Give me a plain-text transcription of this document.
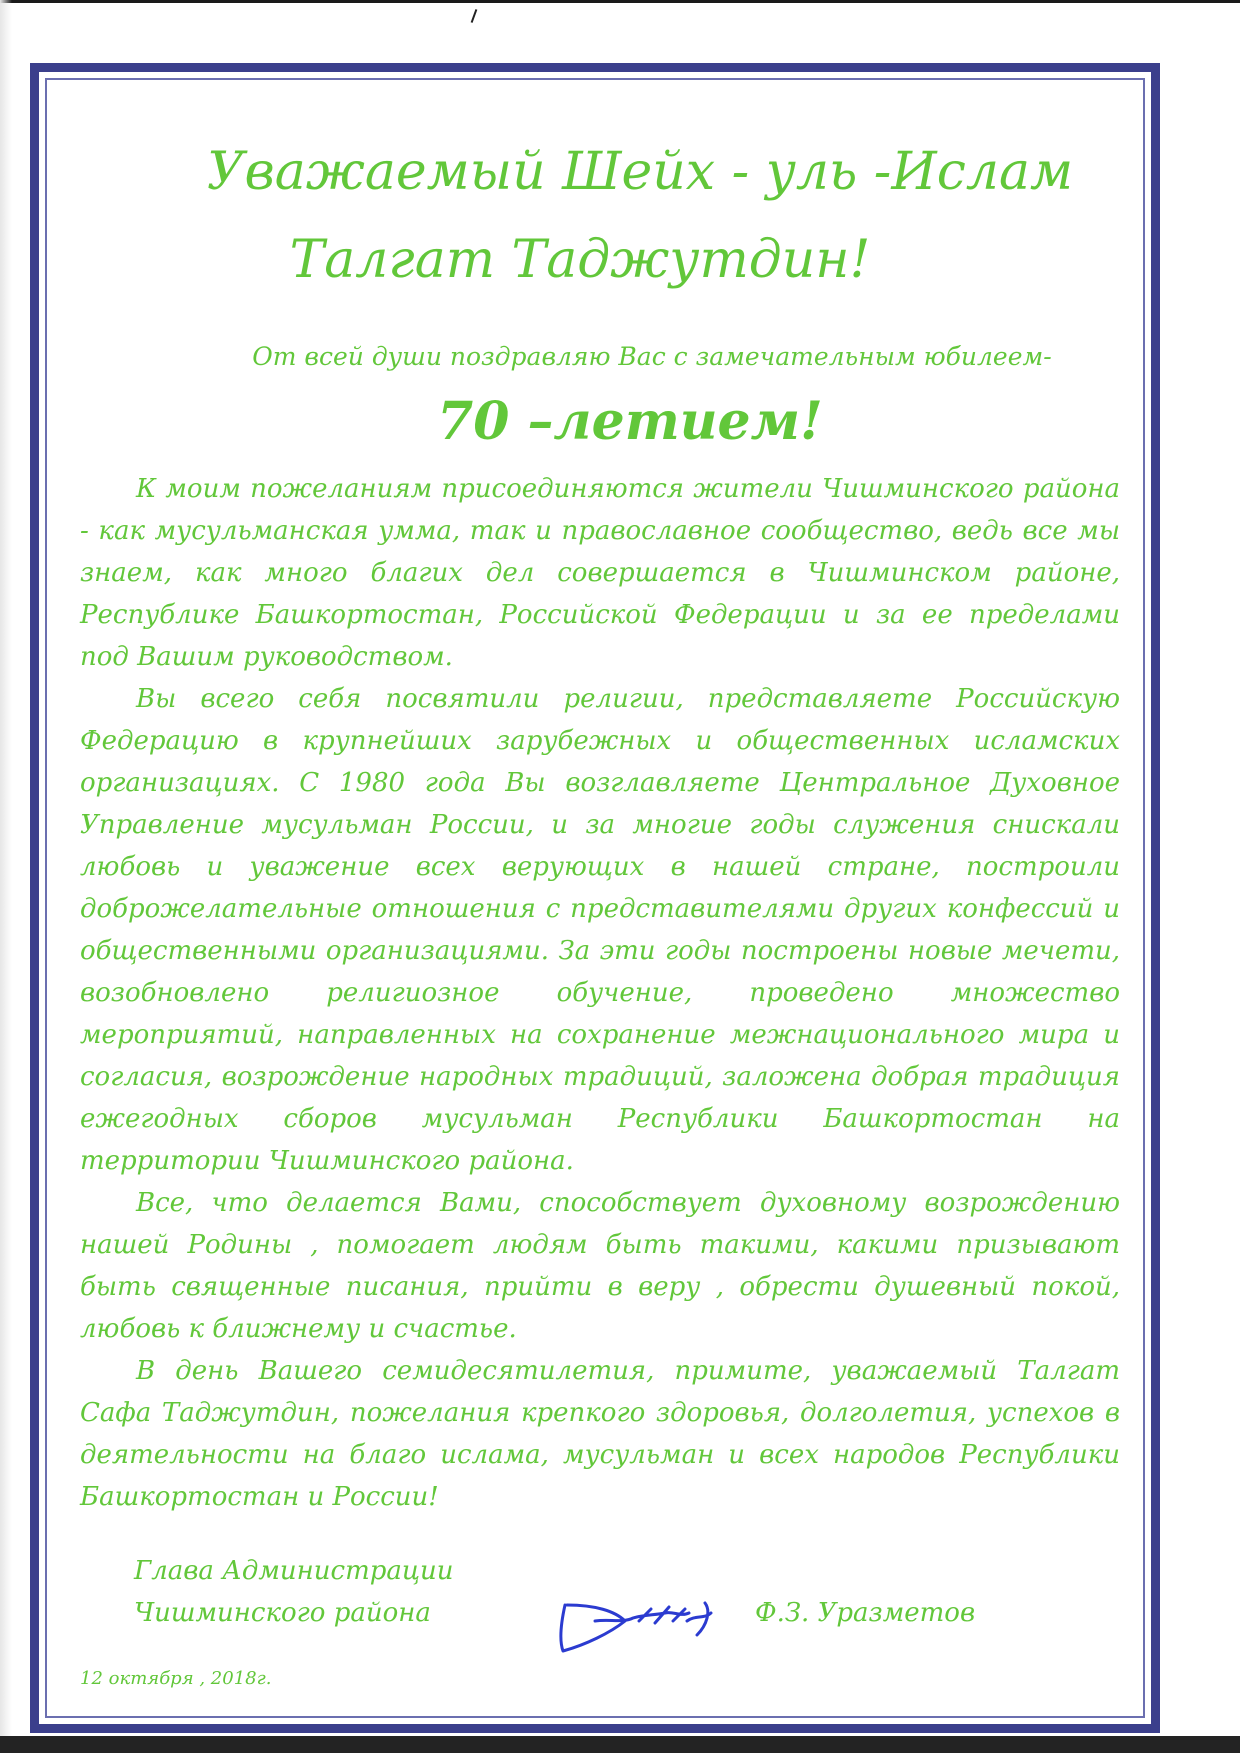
Уважаемый Шейх - уль -Ислам
Талгат Таджутдин!
От всей души поздравляю Вас с замечательным юбилеем-
70 –летием!

К моим пожеланиям присоединяются жители Чишминского района - как мусульманская умма, так и православное сообщество, ведь все мы знаем, как много благих дел совершается в Чишминском районе, Республике Башкортостан, Российской Федерации и за ее пределами под Вашим руководством.

Вы всего себя посвятили религии, представляете Российскую Федерацию в крупнейших зарубежных и общественных исламских организациях. С 1980 года Вы возглавляете Центральное Духовное Управление мусульман России, и за многие годы служения снискали любовь и уважение всех верующих в нашей стране, построили доброжелательные отношения с представителями других конфессий и общественными организациями. За эти годы построены новые мечети, возобновлено религиозное обучение, проведено множество мероприятий, направленных на сохранение межнационального мира и согласия, возрождение народных традиций, заложена добрая традиция ежегодных сборов мусульман Республики Башкортостан на территории Чишминского района.

Все, что делается Вами, способствует духовному возрождению нашей Родины , помогает людям быть такими, какими призывают быть священные писания, прийти в веру , обрести душевный покой, любовь к ближнему и счастье.

В день Вашего семидесятилетия, примите, уважаемый Талгат Сафа Таджутдин, пожелания крепкого здоровья, долголетия, успехов в деятельности на благо ислама, мусульман и всех народов Республики Башкортостан и России!

Глава Администрации
Чишминского района	Ф.З. Уразметов
12 октября , 2018г.
